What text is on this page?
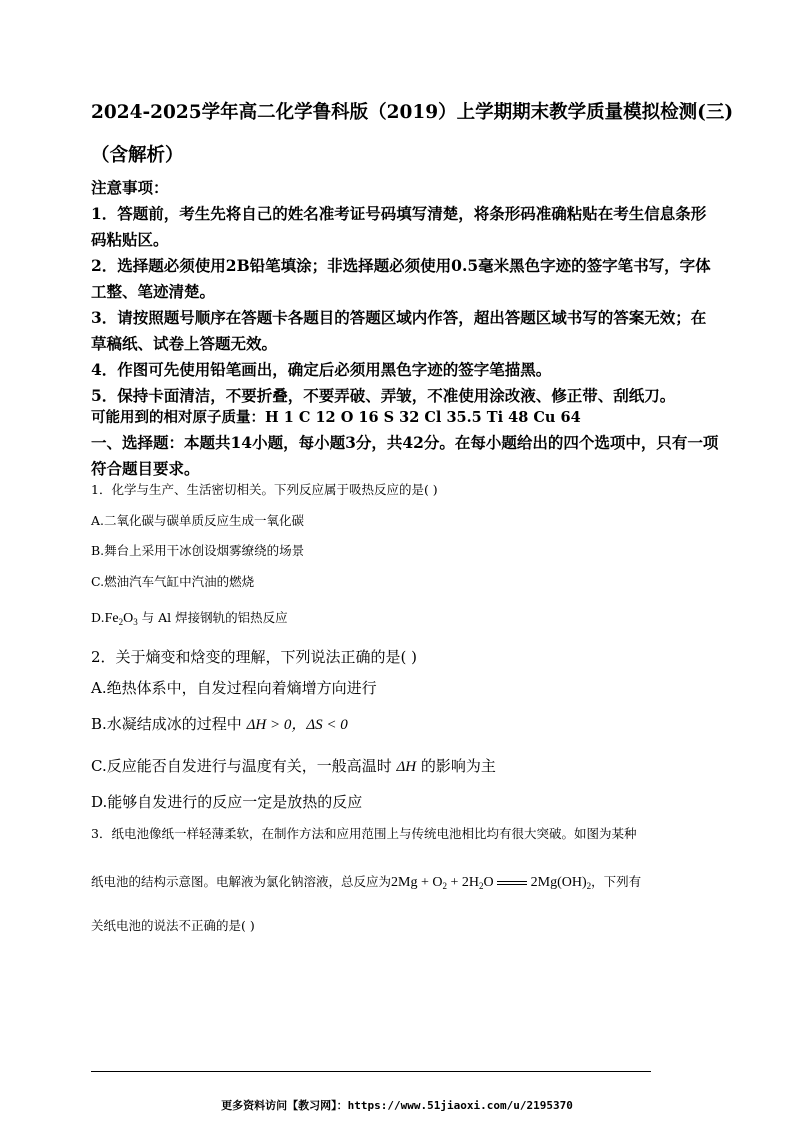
2024-2025学年高二化学鲁科版（2019）上学期期末教学质量模拟检测(三)
（含解析）
注意事项：
1．答题前，考生先将自己的姓名准考证号码填写清楚，将条形码准确粘贴在考生信息条形码粘贴区。
2．选择题必须使用2B铅笔填涂；非选择题必须使用0.5毫米黑色字迹的签字笔书写，字体工整、笔迹清楚。
3．请按照题号顺序在答题卡各题目的答题区域内作答，超出答题区域书写的答案无效；在草稿纸、试卷上答题无效。
4．作图可先使用铅笔画出，确定后必须用黑色字迹的签字笔描黑。
5．保持卡面清洁，不要折叠，不要弄破、弄皱，不准使用涂改液、修正带、刮纸刀。
可能用到的相对原子质量：H 1 C 12 O 16 S 32 Cl 35.5 Ti 48 Cu 64
一、选择题：本题共14小题，每小题3分，共42分。在每小题给出的四个选项中，只有一项符合题目要求。
1．化学与生产、生活密切相关。下列反应属于吸热反应的是( )
A.二氧化碳与碳单质反应生成一氧化碳
B.舞台上采用干冰创设烟雾缭绕的场景
C.燃油汽车气缸中汽油的燃烧
$D.Fe_2O_3$ 与 Al 焊接钢轨的铝热反应
2．关于熵变和焓变的理解，下列说法正确的是( )
A.绝热体系中，自发过程向着熵增方向进行
B.水凝结成冰的过程中 ΔH > 0，ΔS < 0
C.反应能否自发进行与温度有关，一般高温时 ΔH 的影响为主
D.能够自发进行的反应一定是放热的反应
3．纸电池像纸一样轻薄柔软，在制作方法和应用范围上与传统电池相比均有很大突破。如图为某种
纸电池的结构示意图。电解液为氯化钠溶液，总反应为$2Mg + O_2 + 2H_2O$  $2Mg(OH)_2$，下列有
关纸电池的说法不正确的是( )
更多资料访问【教习网】：https://www.51jiaoxi.com/u/2195370
